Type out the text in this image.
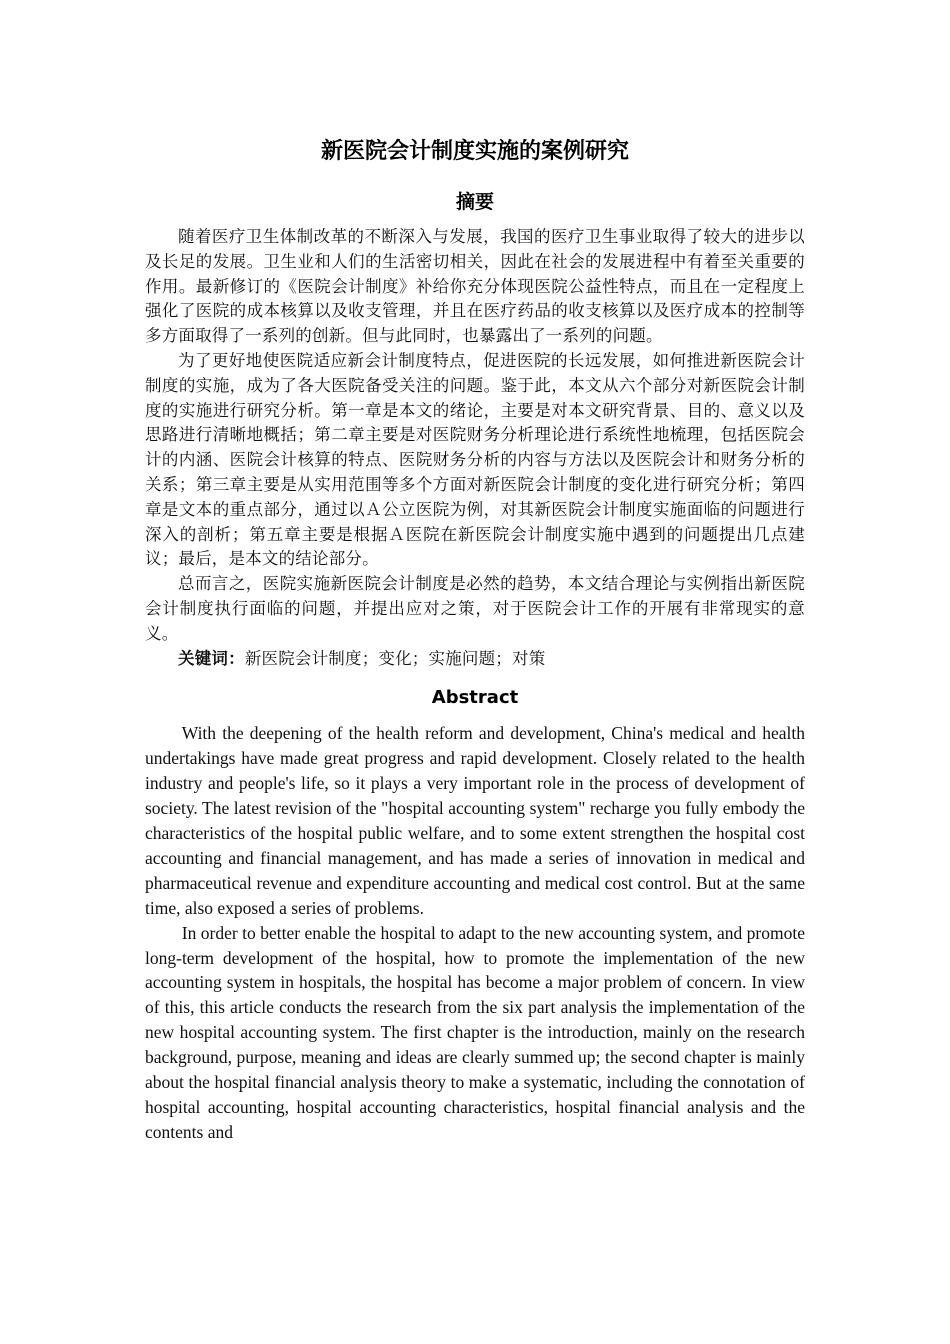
新医院会计制度实施的案例研究
摘要

随着医疗卫生体制改革的不断深入与发展，我国的医疗卫生事业取得了较大的进步以及长足的发展。卫生业和人们的生活密切相关，因此在社会的发展进程中有着至关重要的作用。最新修订的《医院会计制度》补给你充分体现医院公益性特点，而且在一定程度上强化了医院的成本核算以及收支管理，并且在医疗药品的收支核算以及医疗成本的控制等多方面取得了一系列的创新。但与此同时，也暴露出了一系列的问题。

为了更好地使医院适应新会计制度特点，促进医院的长远发展，如何推进新医院会计制度的实施，成为了各大医院备受关注的问题。鉴于此，本文从六个部分对新医院会计制度的实施进行研究分析。第一章是本文的绪论，主要是对本文研究背景、目的、意义以及思路进行清晰地概括；第二章主要是对医院财务分析理论进行系统性地梳理，包括医院会计的内涵、医院会计核算的特点、医院财务分析的内容与方法以及医院会计和财务分析的关系；第三章主要是从实用范围等多个方面对新医院会计制度的变化进行研究分析；第四章是文本的重点部分，通过以Ａ公立医院为例，对其新医院会计制度实施面临的问题进行深入的剖析；第五章主要是根据Ａ医院在新医院会计制度实施中遇到的问题提出几点建议；最后，是本文的结论部分。

总而言之，医院实施新医院会计制度是必然的趋势，本文结合理论与实例指出新医院会计制度执行面临的问题，并提出应对之策，对于医院会计工作的开展有非常现实的意义。

关键词：新医院会计制度；变化；实施问题；对策

Abstract

With the deepening of the health reform and development, China's medical and health undertakings have made great progress and rapid development. Closely related to the health industry and people's life, so it plays a very important role in the process of development of society. The latest revision of the "hospital accounting system" recharge you fully embody the characteristics of the hospital public welfare, and to some extent strengthen the hospital cost accounting and financial management, and has made a series of innovation in medical and pharmaceutical revenue and expenditure accounting and medical cost control. But at the same time, also exposed a series of problems.

In order to better enable the hospital to adapt to the new accounting system, and promote long-term development of the hospital, how to promote the implementation of the new accounting system in hospitals, the hospital has become a major problem of concern. In view of this, this article conducts the research from the six part analysis the implementation of the new hospital accounting system. The first chapter is the introduction, mainly on the research background, purpose, meaning and ideas are clearly summed up; the second chapter is mainly about the hospital financial analysis theory to make a systematic, including the connotation of hospital accounting, hospital accounting characteristics, hospital financial analysis and the contents and
